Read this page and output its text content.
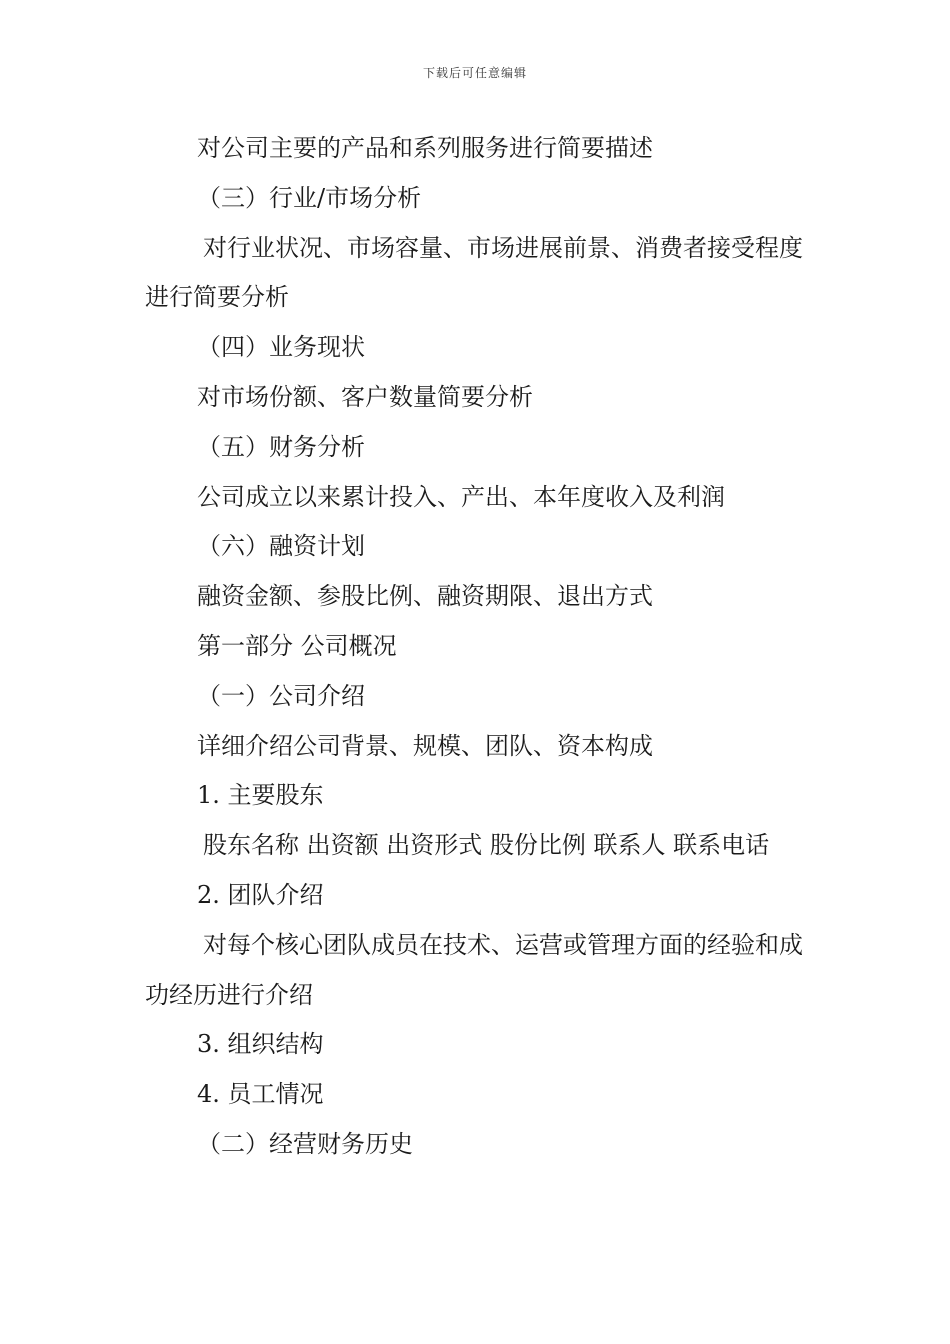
下载后可任意编辑

对公司主要的产品和系列服务进行简要描述

（三）行业/市场分析

对行业状况、市场容量、市场进展前景、消费者接受程度进行简要分析

（四）业务现状

对市场份额、客户数量简要分析

（五）财务分析

公司成立以来累计投入、产出、本年度收入及利润

（六）融资计划

融资金额、参股比例、融资期限、退出方式

第一部分 公司概况

（一）公司介绍

详细介绍公司背景、规模、团队、资本构成

1. 主要股东

股东名称 出资额 出资形式 股份比例 联系人 联系电话

2. 团队介绍

对每个核心团队成员在技术、运营或管理方面的经验和成功经历进行介绍

3. 组织结构

4. 员工情况

（二）经营财务历史
